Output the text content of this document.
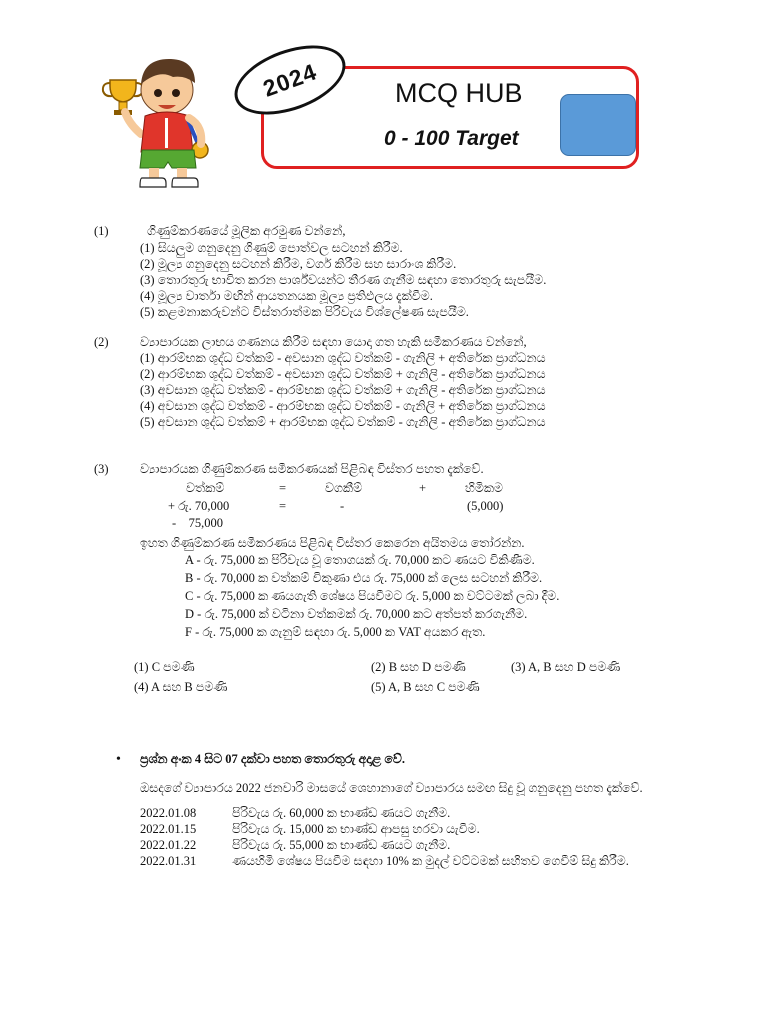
2024	MCQ HUB
0 - 100 Target
(1)	ගිණුම්කරණයේ මූලික අරමුණ වන්නේ,
(1) සියලුම ගනුදෙනු ගිණුම් පොත්වල සටහන් කිරීම.
(2) මූල්‍ය ගනුදෙනු සටහන් කිරීම, වර්ග කිරීම සහ සාරාංශ කිරීම.
(3) තොරතුරු භාවිත කරන පාර්ශ්වයන්ට තීරණ ගැනීම සඳහා තොරතුරු සැපයීම.
(4) මූල්‍ය වාර්තා මඟින් ආයතනයක මූල්‍ය ප්‍රතිඵලය දැක්වීම.
(5) කළමනාකරුවන්ට විස්තරාත්මක පිරිවැය විශ්ලේෂණ සැපයීම.
(2)	ව්‍යාපාරයක ලාභය ගණනය කිරීම සඳහා යොදා ගත හැකි සමීකරණය වන්නේ,
(1) ආරම්භක ශුද්ධ වත්කම් - අවසාන ශුද්ධ වත්කම් - ගැනිලි + අතිරේක ප්‍රාග්ධනය
(2) ආරම්භක ශුද්ධ වත්කම් - අවසාන ශුද්ධ වත්කම් + ගැනිලි - අතිරේක ප්‍රාග්ධනය
(3) අවසාන ශුද්ධ වත්කම් - ආරම්භක ශුද්ධ වත්කම් + ගැනිලි - අතිරේක ප්‍රාග්ධනය
(4) අවසාන ශුද්ධ වත්කම් - ආරම්භක ශුද්ධ වත්කම් - ගැනිලි + අතිරේක ප්‍රාග්ධනය
(5) අවසාන ශුද්ධ වත්කම් + ආරම්භක ශුද්ධ වත්කම් - ගැනිලි - අතිරේක ප්‍රාග්ධනය
(3)	ව්‍යාපාරයක ගිණුම්කරණ සමීකරණයක් පිළිබඳ විස්තර පහත දැක්වේ.
වත්කම්	=	වගකීම්	+	හිමිකම
+ රු. 70,000	=	-	(5,000)
-    75,000
ඉහත ගිණුම්කරණ සමීකරණය පිළිබඳ විස්තර කෙරෙන අයිතමය තෝරන්න.
A - රු. 75,000 ක පිරිවැය වූ තොගයක් රු. 70,000 කට ණයට විකිණීම.
B - රු. 70,000 ක වත්කම් විකුණා එය රු. 75,000 ක් ලෙස සටහන් කිරීම.
C - රු. 75,000 ක ණයගැති ශේෂය පියවීමට රු. 5,000 ක වට්ටමක් ලබා දීම.
D - රු. 75,000 ක් වටිනා වත්කමක් රු. 70,000 කට අත්පත් කරගැනීම.
F - රු. 75,000 ක ගැනුම් සඳහා රු. 5,000 ක VAT අයකර ඇත.
(1) C පමණි	(2) B සහ D පමණි	(3) A, B සහ D පමණි
(4) A සහ B පමණි	(5) A, B සහ C පමණි
• ප්‍රශ්න අංක 4 සිට 07 දක්වා පහත තොරතුරු අදාළ වේ.
ඔසදගේ ව්‍යාපාරය 2022 ජනවාරි මාසයේ ශෙහානාගේ ව්‍යාපාරය සමඟ සිදු වූ ගනුදෙනු පහත දැක්වේ.
2022.01.08	පිරිවැය රු. 60,000 ක භාණ්ඩ ණයට ගැනීම.
2022.01.15	පිරිවැය රු. 15,000 ක භාණ්ඩ ආපසු හරවා යැවීම.
2022.01.22	පිරිවැය රු. 55,000 ක භාණ්ඩ ණයට ගැනීම.
2022.01.31	ණයහිමි ශේෂය පියවීම සඳහා 10% ක මුදල් වට්ටමක් සහිතව ගෙවීම් සිදු කිරීම.
